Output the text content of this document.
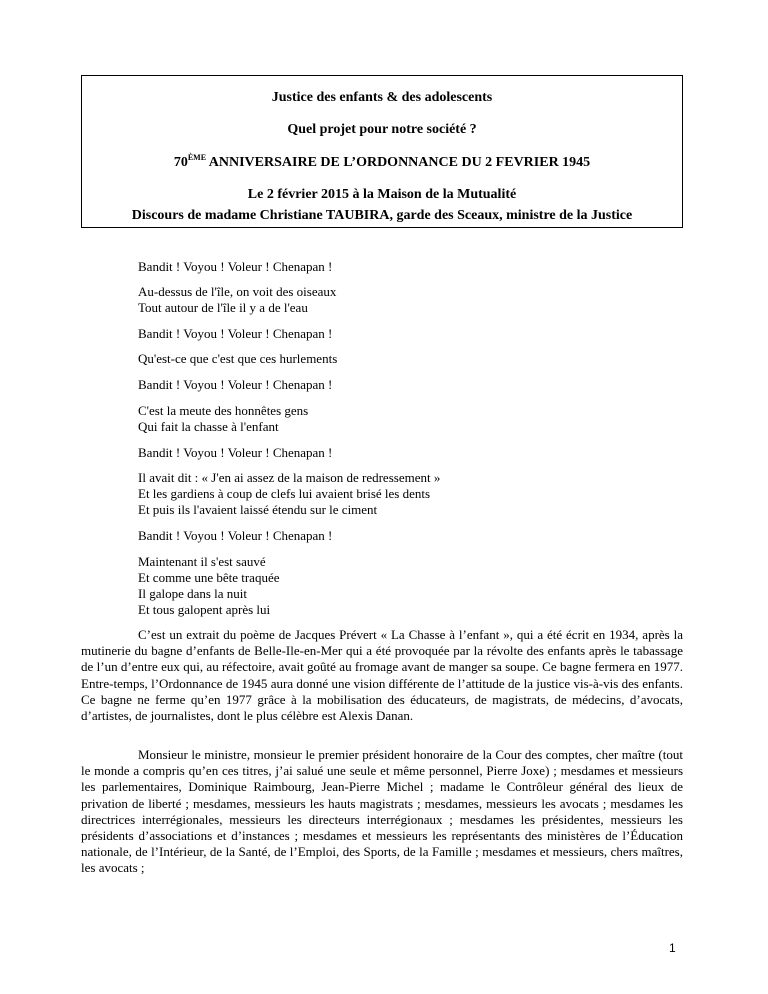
Justice des enfants & des adolescents
Quel projet pour notre société ?
70ÈME ANNIVERSAIRE DE L’ORDONNANCE DU 2 FEVRIER 1945
Le 2 février 2015 à la Maison de la Mutualité
Discours de madame Christiane TAUBIRA, garde des Sceaux, ministre de la Justice
Bandit ! Voyou ! Voleur ! Chenapan !
Au-dessus de l'île, on voit des oiseaux
Tout autour de l'île il y a de l'eau
Bandit ! Voyou ! Voleur ! Chenapan !
Qu'est-ce que c'est que ces hurlements
Bandit ! Voyou ! Voleur ! Chenapan !
C'est la meute des honnêtes gens
Qui fait la chasse à l'enfant
Bandit ! Voyou ! Voleur ! Chenapan !
Il avait dit : « J'en ai assez de la maison de redressement »
Et les gardiens à coup de clefs lui avaient brisé les dents
Et puis ils l'avaient laissé étendu sur le ciment
Bandit ! Voyou ! Voleur ! Chenapan !
Maintenant il s'est sauvé
Et comme une bête traquée
Il galope dans la nuit
Et tous galopent après lui

C’est un extrait du poème de Jacques Prévert « La Chasse à l’enfant », qui a été écrit en 1934, après la mutinerie du bagne d’enfants de Belle-Ile-en-Mer qui a été provoquée par la révolte des enfants après le tabassage de l’un d’entre eux qui, au réfectoire, avait goûté au fromage avant de manger sa soupe. Ce bagne fermera en 1977. Entre-temps, l’Ordonnance de 1945 aura donné une vision différente de l’attitude de la justice vis-à-vis des enfants. Ce bagne ne ferme qu’en 1977 grâce à la mobilisation des éducateurs, de magistrats, de médecins, d’avocats, d’artistes, de journalistes, dont le plus célèbre est Alexis Danan.

Monsieur le ministre, monsieur le premier président honoraire de la Cour des comptes, cher maître (tout le monde a compris qu’en ces titres, j’ai salué une seule et même personnel, Pierre Joxe) ; mesdames et messieurs les parlementaires, Dominique Raimbourg, Jean-Pierre Michel ; madame le Contrôleur général des lieux de privation de liberté ; mesdames, messieurs les hauts magistrats ; mesdames, messieurs les avocats ; mesdames les directrices interrégionales, messieurs les directeurs interrégionaux ; mesdames les présidentes, messieurs les présidents d’associations et d’instances ; mesdames et messieurs les représentants des ministères de l’Éducation nationale, de l’Intérieur, de la Santé, de l’Emploi, des Sports, de la Famille ; mesdames et messieurs, chers maîtres, les avocats ;

1
